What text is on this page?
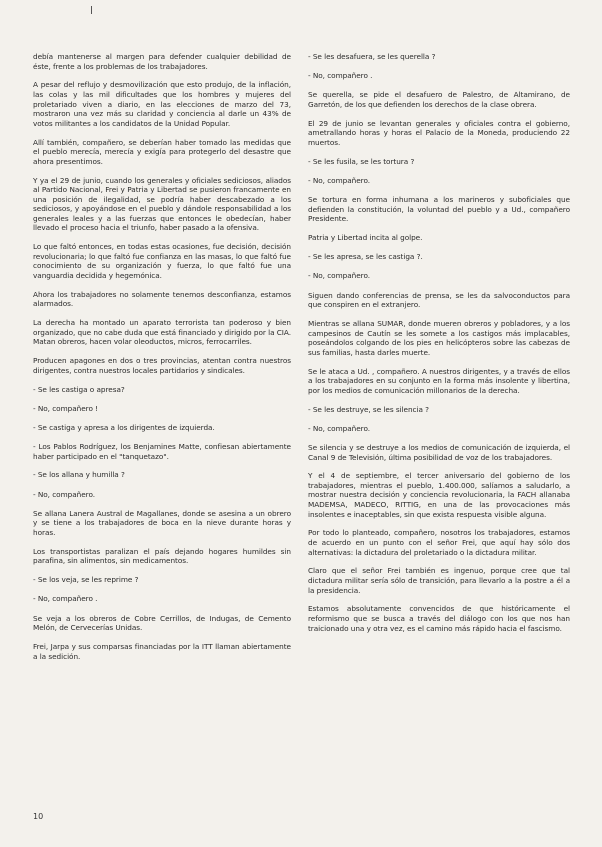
debía mantenerse al margen para defender cualquier debilidad de éste, frente a los problemas de los trabajadores.

A pesar del reflujo y desmovilización que esto produjo, de la inflación, las colas y las mil dificultades que los hombres y mujeres del proletariado viven a diario, en las elecciones de marzo del 73, mostraron una vez más su claridad y conciencia al darle un 43% de votos militantes a los candidatos de la Unidad Popular.

Allí también, compañero, se deberían haber tomado las medidas que el pueblo merecía, merecía y exigía para protegerlo del desastre que ahora presentimos.

Y ya el 29 de junio, cuando los generales y oficiales sediciosos, aliados al Partido Nacional, Frei y Patria y Libertad se pusieron francamente en una posición de ilegalidad, se podría haber descabezado a los sediciosos, y apoyándose en el pueblo y dándole responsabilidad a los generales leales y a las fuerzas que entonces le obedecían, haber llevado el proceso hacia el triunfo, haber pasado a la ofensiva.

Lo que faltó entonces, en todas estas ocasiones, fue decisión, decisión revolucionaria; lo que faltó fue confianza en las masas, lo que faltó fue conocimiento de su organización y fuerza, lo que faltó fue una vanguardia decidida y hegemónica.

Ahora los trabajadores no solamente tenemos desconfianza, estamos alarmados.

La derecha ha montado un aparato terrorista tan poderoso y bien organizado, que no cabe duda que está financiado y dirigido por la CIA. Matan obreros, hacen volar oleoductos, micros, ferrocarriles.

Producen apagones en dos o tres provincias, atentan contra nuestros dirigentes, contra nuestros locales partidarios y sindicales.

- Se les castiga o apresa?

- No, compañero !

- Se castiga y apresa a los dirigentes de izquierda.

- Los Pablos Rodríguez, los Benjamines Matte, confiesan abiertamente haber participado en el "tanquetazo".

- Se los allana y humilla ?

- No, compañero.

Se allana Lanera Austral de Magallanes, donde se asesina a un obrero y se tiene a los trabajadores de boca en la nieve durante horas y horas.

Los transportistas paralizan el país dejando hogares humildes sin parafina, sin alimentos, sin medicamentos.

- Se los veja, se les reprime ?

- No, compañero .

Se veja a los obreros de Cobre Cerrillos, de Indugas, de Cemento Melón, de Cervecerías Unidas.

Frei, Jarpa y sus comparsas financiadas por la ITT llaman abiertamente a la sedición.

- Se les desafuera, se les querella ?

- No, compañero .

Se querella, se pide el desafuero de Palestro, de Altamirano, de Garretón, de los que defienden los derechos de la clase obrera.

El 29 de junio se levantan generales y oficiales contra el gobierno, ametrallando horas y horas el Palacio de la Moneda, produciendo 22 muertos.

- Se les fusila, se les tortura ?

- No, compañero.

Se tortura en forma inhumana a los marineros y suboficiales que defienden la constitución, la voluntad del pueblo y a Ud., compañero Presidente.

Patria y Libertad incita al golpe.

- Se les apresa, se les castiga ?.

- No, compañero.

Siguen dando conferencias de prensa, se les da salvoconductos para que conspiren en el extranjero.

Mientras se allana SUMAR, donde mueren obreros y pobladores, y a los campesinos de Cautín se les somete a los castigos más implacables, poseándolos colgando de los pies en helicópteros sobre las cabezas de sus familias, hasta darles muerte.

Se le ataca a Ud. , compañero. A nuestros dirigentes, y a través de ellos a los trabajadores en su conjunto en la forma más insolente y libertina, por los medios de comunicación millonarios de la derecha.

- Se les destruye, se les silencia ?

- No, compañero.

Se silencia y se destruye a los medios de comunicación de izquierda, el Canal 9 de Televisión, última posibilidad de voz de los trabajadores.

Y el 4 de septiembre, el tercer aniversario del gobierno de los trabajadores, mientras el pueblo, 1.400.000, salíamos a saludarlo, a mostrar nuestra decisión y conciencia revolucionaria, la FACH allanaba MADEMSA, MADECO, RITTIG, en una de las provocaciones más insolentes e inaceptables, sin que exista respuesta visible alguna.

Por todo lo planteado, compañero, nosotros los trabajadores, estamos de acuerdo en un punto con el señor Frei, que aquí hay sólo dos alternativas: la dictadura del proletariado o la dictadura militar.

Claro que el señor Frei también es ingenuo, porque cree que tal dictadura militar sería sólo de transición, para llevarlo a la postre a él a la presidencia.

Estamos absolutamente convencidos de que históricamente el reformismo que se busca a través del diálogo con los que nos han traicionado una y otra vez, es el camino más rápido hacia el fascismo.

10
